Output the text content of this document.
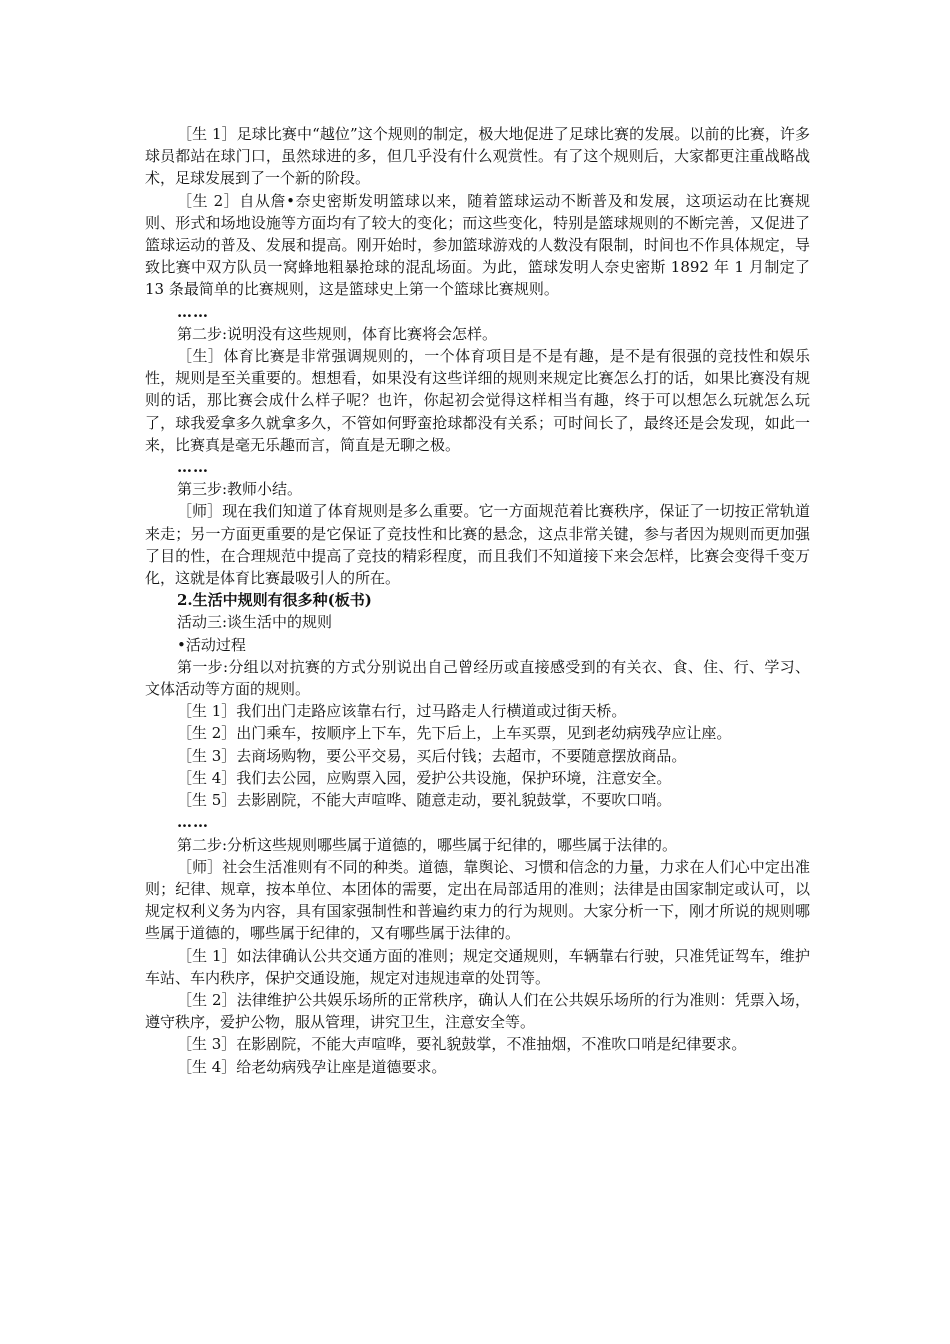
［生 1］足球比赛中“越位”这个规则的制定，极大地促进了足球比赛的发展。以前的比赛，许多球员都站在球门口，虽然球进的多，但几乎没有什么观赏性。有了这个规则后，大家都更注重战略战术，足球发展到了一个新的阶段。

［生 2］自从詹•奈史密斯发明篮球以来，随着篮球运动不断普及和发展，这项运动在比赛规则、形式和场地设施等方面均有了较大的变化；而这些变化，特别是篮球规则的不断完善，又促进了篮球运动的普及、发展和提高。刚开始时，参加篮球游戏的人数没有限制，时间也不作具体规定，导致比赛中双方队员一窝蜂地粗暴抢球的混乱场面。为此，篮球发明人奈史密斯 1892 年 1 月制定了 13 条最简单的比赛规则，这是篮球史上第一个篮球比赛规则。

……

第二步:说明没有这些规则，体育比赛将会怎样。

［生］体育比赛是非常强调规则的，一个体育项目是不是有趣，是不是有很强的竞技性和娱乐性，规则是至关重要的。想想看，如果没有这些详细的规则来规定比赛怎么打的话，如果比赛没有规则的话，那比赛会成什么样子呢？也许，你起初会觉得这样相当有趣，终于可以想怎么玩就怎么玩了，球我爱拿多久就拿多久，不管如何野蛮抢球都没有关系；可时间长了，最终还是会发现，如此一来，比赛真是毫无乐趣而言，简直是无聊之极。

……

第三步:教师小结。

［师］现在我们知道了体育规则是多么重要。它一方面规范着比赛秩序，保证了一切按正常轨道来走；另一方面更重要的是它保证了竞技性和比赛的悬念，这点非常关键，参与者因为规则而更加强了目的性，在合理规范中提高了竞技的精彩程度，而且我们不知道接下来会怎样，比赛会变得千变万化，这就是体育比赛最吸引人的所在。

2.生活中规则有很多种(板书)

活动三:谈生活中的规则

•活动过程

第一步:分组以对抗赛的方式分别说出自己曾经历或直接感受到的有关衣、食、住、行、学习、文体活动等方面的规则。

［生 1］我们出门走路应该靠右行，过马路走人行横道或过街天桥。

［生 2］出门乘车，按顺序上下车，先下后上，上车买票，见到老幼病残孕应让座。

［生 3］去商场购物，要公平交易，买后付钱；去超市，不要随意摆放商品。

［生 4］我们去公园，应购票入园，爱护公共设施，保护环境，注意安全。

［生 5］去影剧院，不能大声喧哗、随意走动，要礼貌鼓掌，不要吹口哨。

……

第二步:分析这些规则哪些属于道德的，哪些属于纪律的，哪些属于法律的。

［师］社会生活准则有不同的种类。道德，靠舆论、习惯和信念的力量，力求在人们心中定出准则；纪律、规章，按本单位、本团体的需要，定出在局部适用的准则；法律是由国家制定或认可，以规定权利义务为内容，具有国家强制性和普遍约束力的行为规则。大家分析一下，刚才所说的规则哪些属于道德的，哪些属于纪律的，又有哪些属于法律的。

［生 1］如法律确认公共交通方面的准则；规定交通规则，车辆靠右行驶，只准凭证驾车，维护车站、车内秩序，保护交通设施，规定对违规违章的处罚等。

［生 2］法律维护公共娱乐场所的正常秩序，确认人们在公共娱乐场所的行为准则：凭票入场，遵守秩序，爱护公物，服从管理，讲究卫生，注意安全等。

［生 3］在影剧院，不能大声喧哗，要礼貌鼓掌，不准抽烟，不准吹口哨是纪律要求。

［生 4］给老幼病残孕让座是道德要求。
